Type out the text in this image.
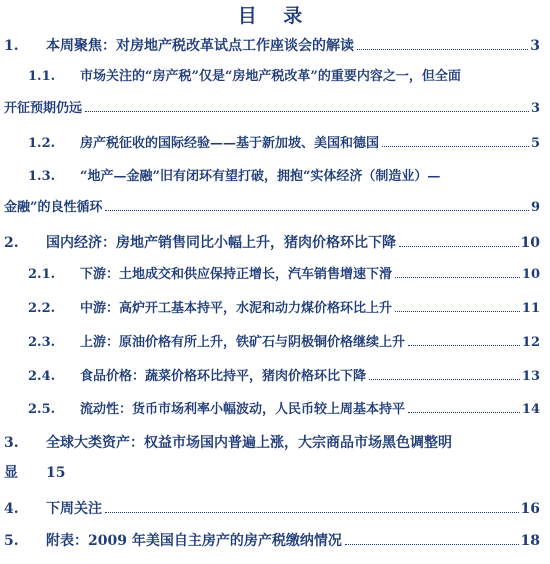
目 录
1.	本周聚焦：对房地产税改革试点工作座谈会的解读	3
1.1. 市场关注的“房产税”仅是“房地产税改革”的重要内容之一，但全面
开征预期仍远	3
1.2.	房产税征收的国际经验——基于新加坡、美国和德国	5
1.3. “地产—金融”旧有闭环有望打破，拥抱“实体经济（制造业）—
金融”的良性循环	9
2.	国内经济：房地产销售同比小幅上升，猪肉价格环比下降	10
2.1.	下游：土地成交和供应保持正增长，汽车销售增速下滑	10
2.2.	中游：高炉开工基本持平，水泥和动力煤价格环比上升	11
2.3.	上游：原油价格有所上升，铁矿石与阴极铜价格继续上升	12
2.4.	食品价格：蔬菜价格环比持平，猪肉价格环比下降	13
2.5.	流动性：货币市场利率小幅波动，人民币较上周基本持平	14
3. 全球大类资产：权益市场国内普遍上涨，大宗商品市场黑色调整明
显 15
4.	下周关注	16
5.	附表：2009 年美国自主房产的房产税缴纳情况	18
